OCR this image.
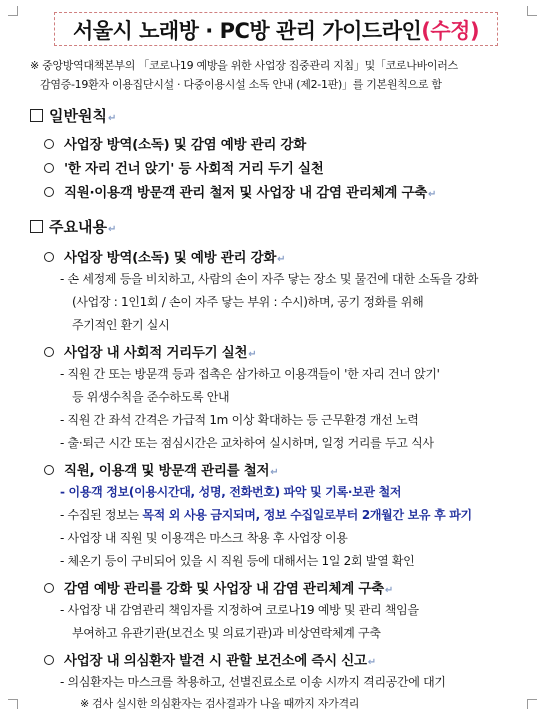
서울시 노래방 · PC방 관리 가이드라인(수정)
※ 중앙방역대책본부의 「코로나19 예방을 위한 사업장 집중관리 지침」및「코로나바이러스
감염증-19환자 이용집단시설 · 다중이용시설 소독 안내 (제2-1판)」를 기본원칙으로 함
일반원칙↵
사업장 방역(소독) 및 감염 예방 관리 강화
'한 자리 건너 앉기' 등 사회적 거리 두기 실천
직원·이용객 방문객 관리 철저 및 사업장 내 감염 관리체계 구축↵
주요내용↵
사업장 방역(소독) 및 예방 관리 강화↵
- 손 세정제 등을 비치하고, 사람의 손이 자주 닿는 장소 및 물건에 대한 소독을 강화
(사업장 : 1인1회 / 손이 자주 닿는 부위 : 수시)하며, 공기 정화를 위해
주기적인 환기 실시
사업장 내 사회적 거리두기 실천↵
- 직원 간 또는 방문객 등과 접촉은 삼가하고 이용객들이 '한 자리 건너 앉기'
등 위생수칙을 준수하도록 안내
- 직원 간 좌석 간격은 가급적 1m 이상 확대하는 등 근무환경 개선 노력
- 출·퇴근 시간 또는 점심시간은 교차하여 실시하며, 일정 거리를 두고 식사
직원, 이용객 및 방문객 관리를 철저↵
- 이용객 정보(이용시간대, 성명, 전화번호) 파악 및 기록·보관 철저
- 수집된 정보는 목적 외 사용 금지되며, 정보 수집일로부터 2개월간 보유 후 파기
- 사업장 내 직원 및 이용객은 마스크 착용 후 사업장 이용
- 체온기 등이 구비되어 있을 시 직원 등에 대해서는 1일 2회 발열 확인
감염 예방 관리를 강화 및 사업장 내 감염 관리체계 구축↵
- 사업장 내 감염관리 책임자를 지정하여 코로나19 예방 및 관리 책임을
부여하고 유관기관(보건소 및 의료기관)과 비상연락체계 구축
사업장 내 의심환자 발견 시 관할 보건소에 즉시 신고↵
- 의심환자는 마스크를 착용하고, 선별진료소로 이송 시까지 격리공간에 대기
※ 검사 실시한 의심환자는 검사결과가 나올 때까지 자가격리
